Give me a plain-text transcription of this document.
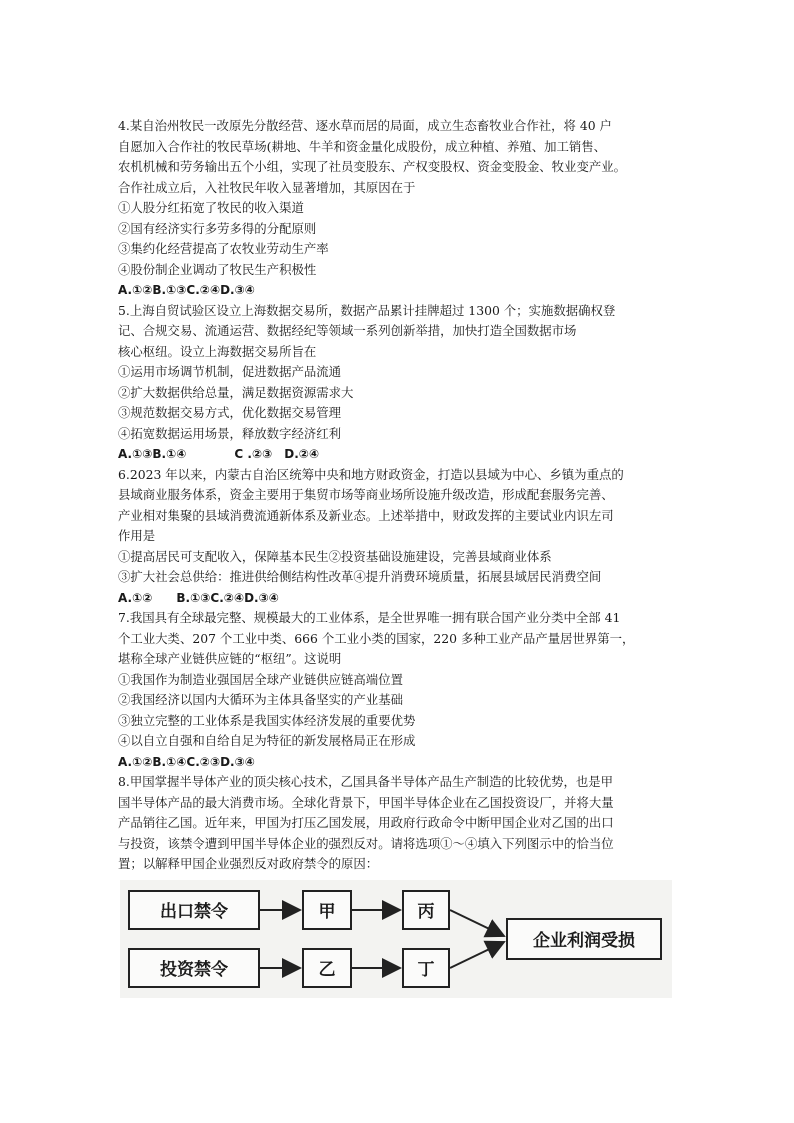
4.某自治州牧民一改原先分散经营、逐水草而居的局面，成立生态畜牧业合作社，将 40 户
自愿加入合作社的牧民草场(耕地、牛羊和资金量化成股份，成立种植、养殖、加工销售、
农机机械和劳务输出五个小组，实现了社员变股东、产权变股权、资金变股金、牧业变产业。
合作社成立后，入社牧民年收入显著增加，其原因在于
①人股分红拓宽了牧民的收入渠道
②国有经济实行多劳多得的分配原则
③集约化经营提高了农牧业劳动生产率
④股份制企业调动了牧民生产积极性
A.①②B.①③C.②④D.③④
5.上海自贸试验区设立上海数据交易所，数据产品累计挂牌超过 1300 个；实施数据确权登
记、合规交易、流通运营、数据经纪等领域一系列创新举措，加快打造全国数据市场
核心枢纽。设立上海数据交易所旨在
①运用市场调节机制，促进数据产品流通
②扩大数据供给总量，满足数据资源需求大
③规范数据交易方式，优化数据交易管理
④拓宽数据运用场景，释放数字经济红利
A.①③B.①④　　　　C .②③　D.②④
6.2023 年以来，内蒙古自治区统筹中央和地方财政资金，打造以县域为中心、乡镇为重点的
县域商业服务体系，资金主要用于集贸市场等商业场所设施升级改造，形成配套服务完善、
产业相对集聚的县域消费流通新体系及新业态。上述举措中，财政发挥的主要试业内识左司
作用是
①提高居民可支配收入，保障基本民生②投资基础设施建设，完善县域商业体系
③扩大社会总供给：推进供给侧结构性改革④提升消费环境质量，拓展县域居民消费空间
A.①②　　B.①③C.②④D.③④
7.我国具有全球最完整、规模最大的工业体系，是全世界唯一拥有联合国产业分类中全部 41
个工业大类、207 个工业中类、666 个工业小类的国家，220 多种工业产品产量居世界第一，
堪称全球产业链供应链的“枢纽”。这说明
①我国作为制造业强国居全球产业链供应链高端位置
②我国经济以国内大循环为主体具备坚实的产业基础
③独立完整的工业体系是我国实体经济发展的重要优势
④以自立自强和自给自足为特征的新发展格局正在形成
A.①②B.①④C.②③D.③④
8.甲国掌握半导体产业的顶尖核心技术，乙国具备半导体产品生产制造的比较优势，也是甲
国半导体产品的最大消费市场。全球化背景下，甲国半导体企业在乙国投资设厂，并将大量
产品销往乙国。近年来，甲国为打压乙国发展，用政府行政命令中断甲国企业对乙国的出口
与投资，该禁令遭到甲国半导体企业的强烈反对。请将选项①～④填入下列图示中的恰当位
置；以解释甲国企业强烈反对政府禁令的原因：
出口禁令
投资禁令
甲
乙
丙
丁
企业利润受损
